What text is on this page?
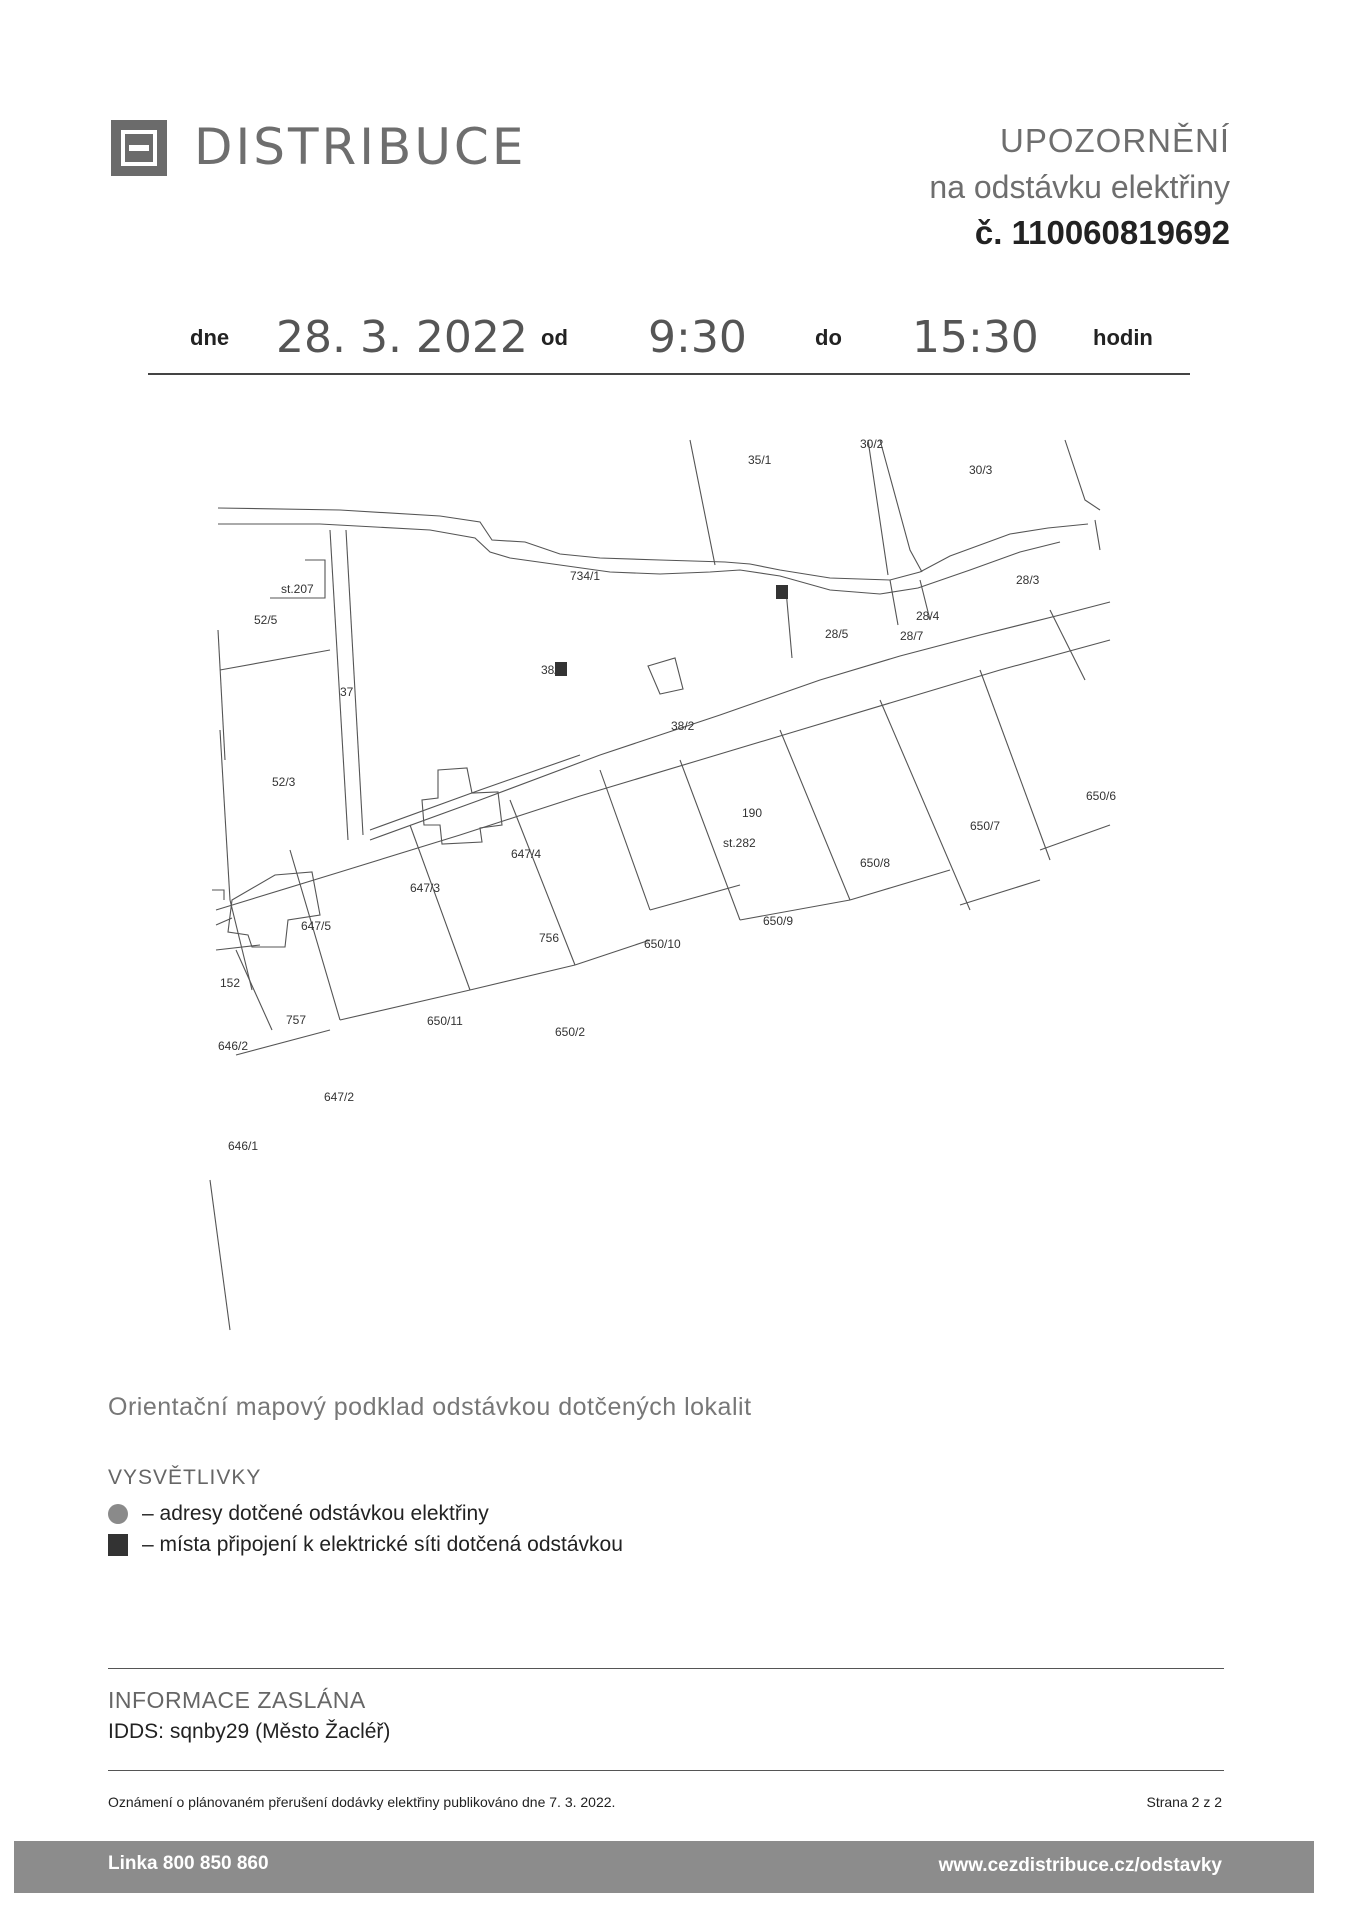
DISTRIBUCE	UPOZORNĚNÍ
na odstávku elektřiny
č. 110060819692
dne 28. 3. 2022 od 9:30	do 15:30 hodin
35/1
30/2
30/3
st.207
734/1	28/3
52/5	28/4
28/5	28/7
38/1
37
38/2
52/3
650/6
190
st.282
650/7
647/4
650/8
647/3
650/9
647/5
756	650/10
152
757	650/11
650/2
646/2
647/2
646/1
Orientační mapový podklad odstávkou dotčených lokalit
VYSVĚTLIVKY
– adresy dotčené odstávkou elektřiny
– místa připojení k elektrické síti dotčená odstávkou
INFORMACE ZASLÁNA
IDDS: sqnby29 (Město Žacléř)
Oznámení o plánovaném přerušení dodávky elektřiny publikováno dne 7. 3. 2022.	Strana 2 z 2
Linka 800 850 860	www.cezdistribuce.cz/odstavky
